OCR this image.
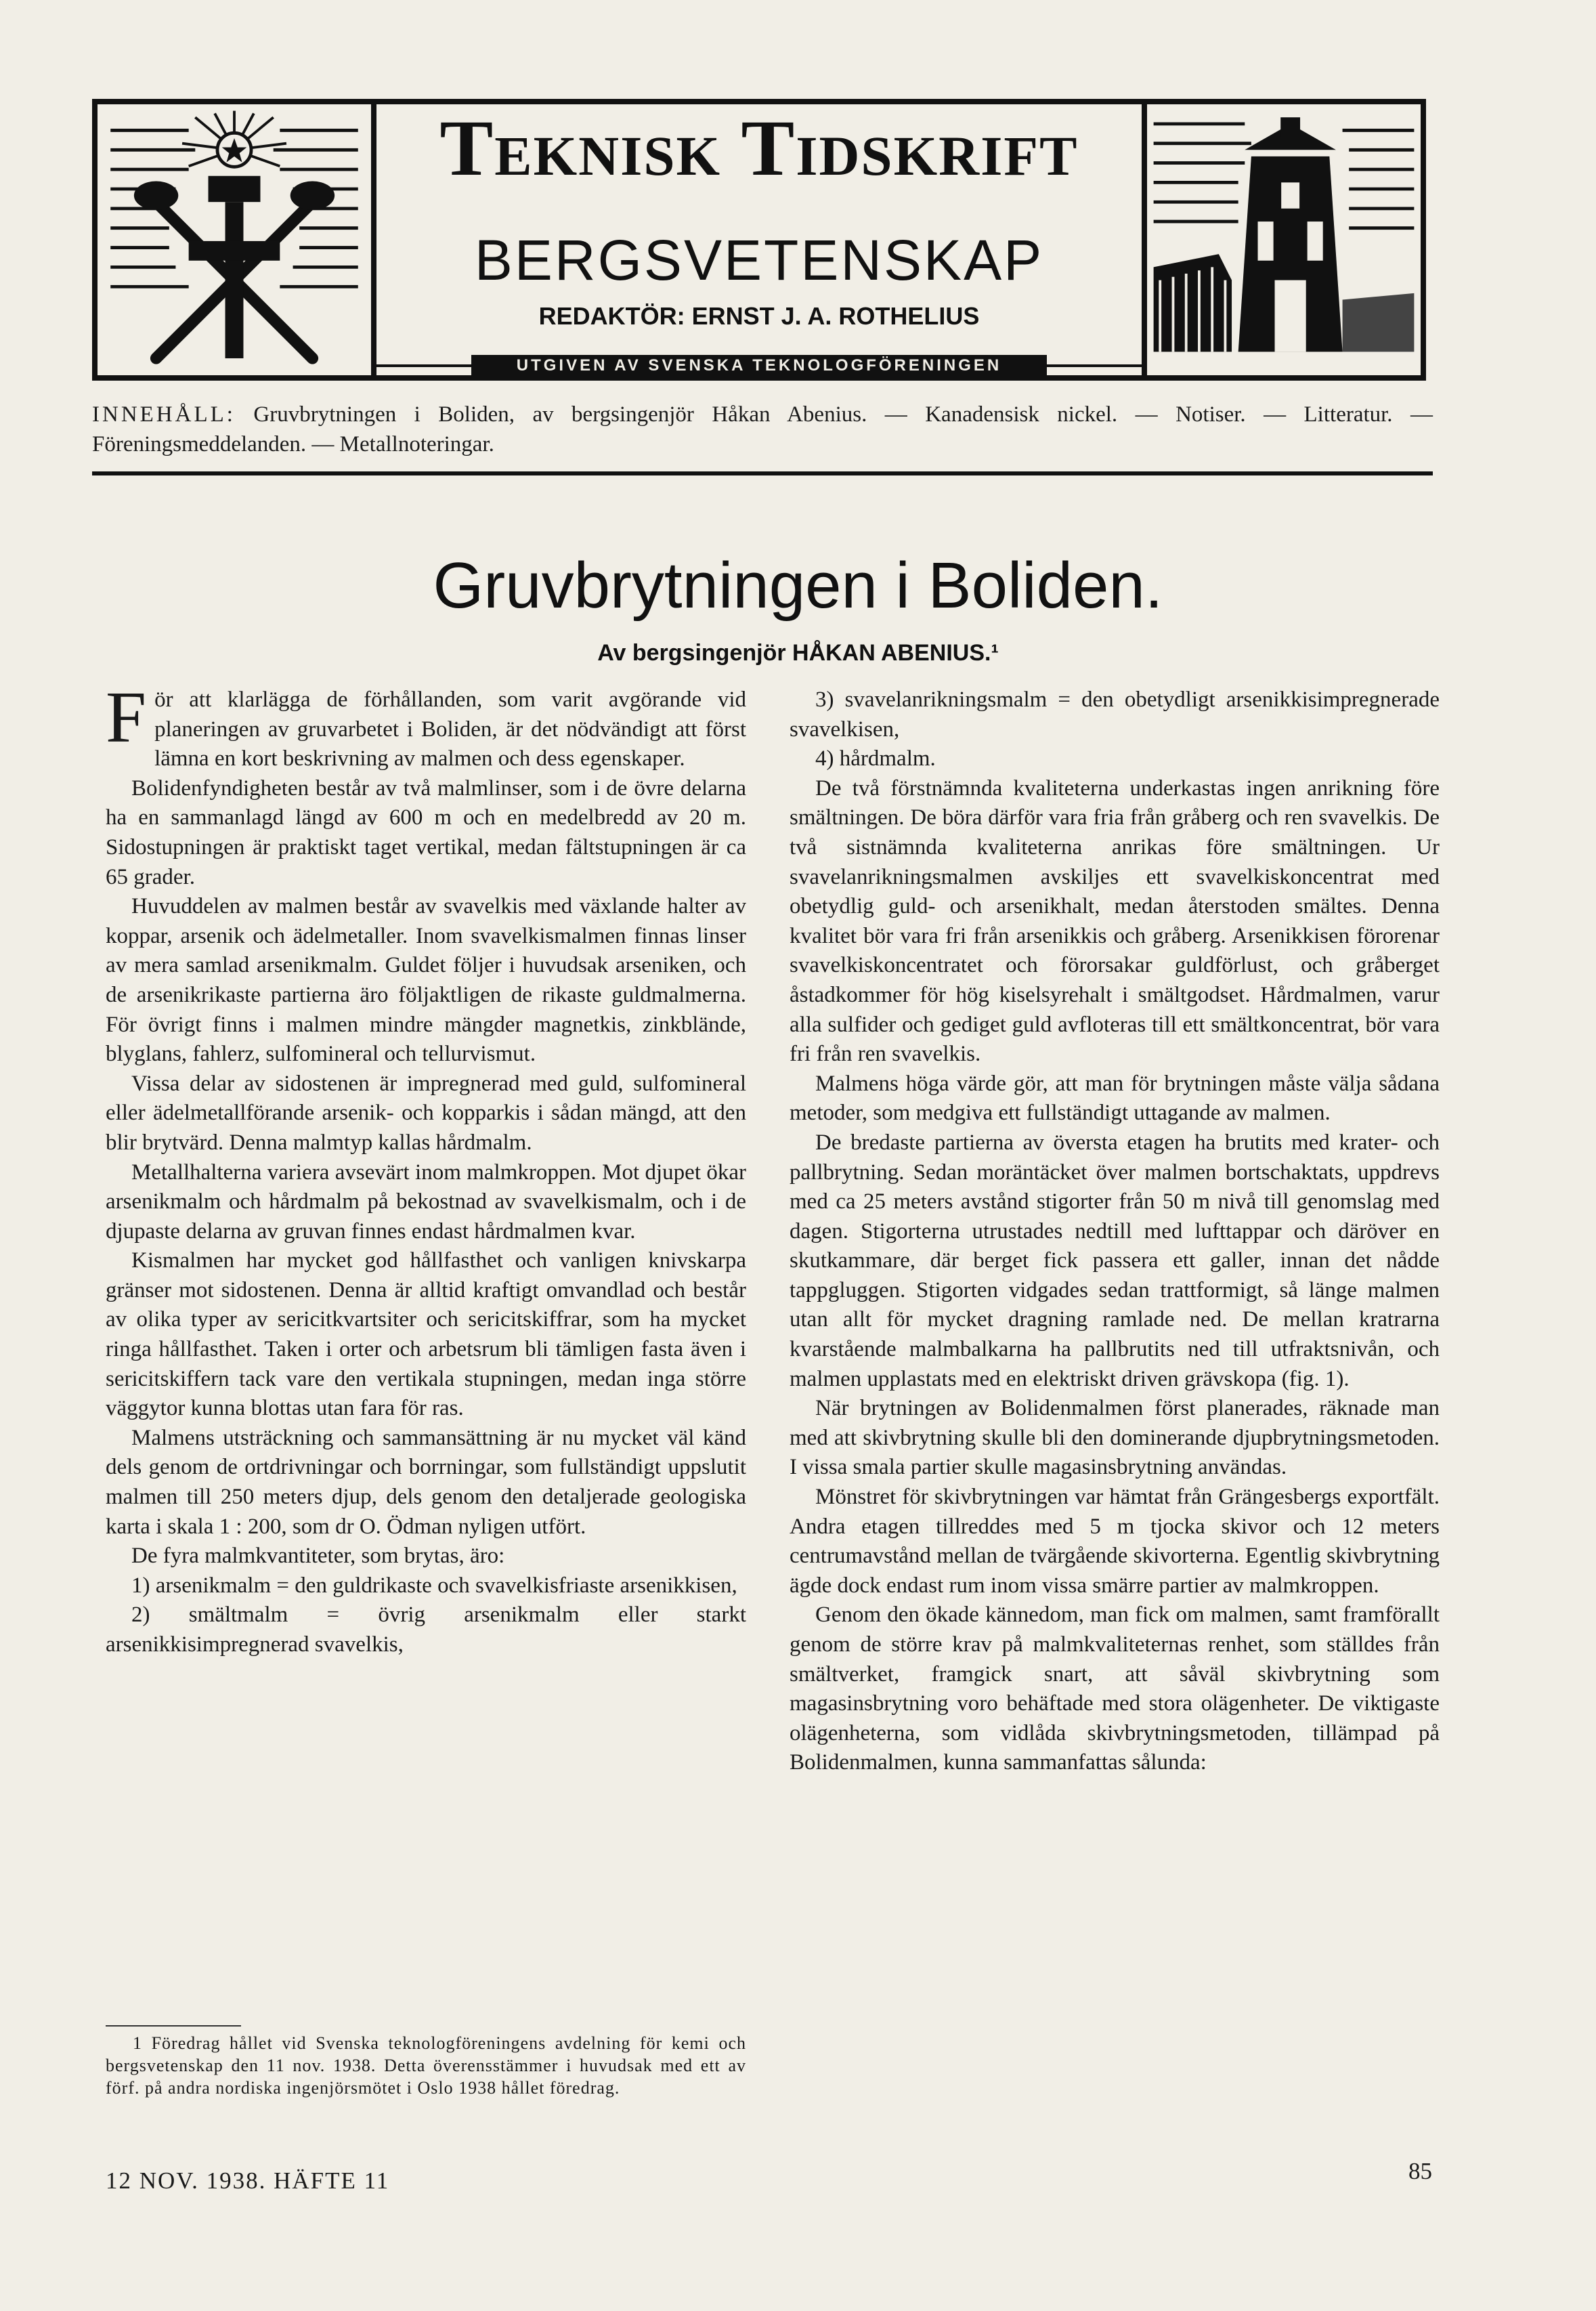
Teknisk Tidskrift
BERGSVETENSKAP
REDAKTÖR: ERNST J. A. ROTHELIUS
UTGIVEN AV SVENSKA TEKNOLOGFÖRENINGEN
INNEHÅLL: Gruvbrytningen i Boliden, av bergsingenjör Håkan Abenius. — Kanadensisk nickel. — Notiser. — Litteratur. — Föreningsmeddelanden. — Metallnoteringar.
Gruvbrytningen i Boliden.
Av bergsingenjör HÅKAN ABENIUS.¹

För att klarlägga de förhållanden, som varit avgörande vid planeringen av gruvarbetet i Boliden, är det nödvändigt att först lämna en kort beskrivning av malmen och dess egenskaper.

Bolidenfyndigheten består av två malmlinser, som i de övre delarna ha en sammanlagd längd av 600 m och en medelbredd av 20 m. Sidostupningen är praktiskt taget vertikal, medan fältstupningen är ca 65 grader.

Huvuddelen av malmen består av svavelkis med växlande halter av koppar, arsenik och ädelmetaller. Inom svavelkismalmen finnas linser av mera samlad arsenikmalm. Guldet följer i huvudsak arseniken, och de arsenikrikaste partierna äro följaktligen de rikaste guldmalmerna. För övrigt finns i malmen mindre mängder magnetkis, zinkblände, blyglans, fahlerz, sulfomineral och tellurvismut.

Vissa delar av sidostenen är impregnerad med guld, sulfomineral eller ädelmetallförande arsenik- och kopparkis i sådan mängd, att den blir brytvärd. Denna malmtyp kallas hårdmalm.

Metallhalterna variera avsevärt inom malmkroppen. Mot djupet ökar arsenikmalm och hårdmalm på bekostnad av svavelkismalm, och i de djupaste delarna av gruvan finnes endast hårdmalmen kvar.

Kismalmen har mycket god hållfasthet och vanligen knivskarpa gränser mot sidostenen. Denna är alltid kraftigt omvandlad och består av olika typer av sericitkvartsiter och sericitskiffrar, som ha mycket ringa hållfasthet. Taken i orter och arbetsrum bli tämligen fasta även i sericitskiffern tack vare den vertikala stupningen, medan inga större väggytor kunna blottas utan fara för ras.

Malmens utsträckning och sammansättning är nu mycket väl känd dels genom de ortdrivningar och borrningar, som fullständigt uppslutit malmen till 250 meters djup, dels genom den detaljerade geologiska karta i skala 1 : 200, som dr O. Ödman nyligen utfört.

De fyra malmkvantiteter, som brytas, äro:

1) arsenikmalm = den guldrikaste och svavelkisfriaste arsenikkisen,

2) smältmalm = övrig arsenikmalm eller starkt arsenikkisimpregnerad svavelkis,

1 Föredrag hållet vid Svenska teknologföreningens avdelning för kemi och bergsvetenskap den 11 nov. 1938. Detta överensstämmer i huvudsak med ett av förf. på andra nordiska ingenjörsmötet i Oslo 1938 hållet föredrag.

3) svavelanrikningsmalm = den obetydligt arsenikkisimpregnerade svavelkisen,

4) hårdmalm.

De två förstnämnda kvaliteterna underkastas ingen anrikning före smältningen. De böra därför vara fria från gråberg och ren svavelkis. De två sistnämnda kvaliteterna anrikas före smältningen. Ur svavelanrikningsmalmen avskiljes ett svavelkiskoncentrat med obetydlig guld- och arsenikhalt, medan återstoden smältes. Denna kvalitet bör vara fri från arsenikkis och gråberg. Arsenikkisen förorenar svavelkiskoncentratet och förorsakar guldförlust, och gråberget åstadkommer för hög kiselsyrehalt i smältgodset. Hårdmalmen, varur alla sulfider och gediget guld avfloteras till ett smältkoncentrat, bör vara fri från ren svavelkis.

Malmens höga värde gör, att man för brytningen måste välja sådana metoder, som medgiva ett fullständigt uttagande av malmen.

De bredaste partierna av översta etagen ha brutits med krater- och pallbrytning. Sedan moräntäcket över malmen bortschaktats, uppdrevs med ca 25 meters avstånd stigorter från 50 m nivå till genomslag med dagen. Stigorterna utrustades nedtill med lufttappar och däröver en skutkammare, där berget fick passera ett galler, innan det nådde tappgluggen. Stigorten vidgades sedan trattformigt, så länge malmen utan allt för mycket dragning ramlade ned. De mellan kratrarna kvarstående malmbalkarna ha pallbrutits ned till utfraktsnivån, och malmen upplastats med en elektriskt driven grävskopa (fig. 1).

När brytningen av Bolidenmalmen först planerades, räknade man med att skivbrytning skulle bli den dominerande djupbrytningsmetoden. I vissa smala partier skulle magasinsbrytning användas.

Mönstret för skivbrytningen var hämtat från Grängesbergs exportfält. Andra etagen tillreddes med 5 m tjocka skivor och 12 meters centrumavstånd mellan de tvärgående skivorterna. Egentlig skivbrytning ägde dock endast rum inom vissa smärre partier av malmkroppen.

Genom den ökade kännedom, man fick om malmen, samt framförallt genom de större krav på malmkvaliteternas renhet, som ställdes från smältverket, framgick snart, att såväl skivbrytning som magasinsbrytning voro behäftade med stora olägenheter. De viktigaste olägenheterna, som vidlåda skivbrytningsmetoden, tillämpad på Bolidenmalmen, kunna sammanfattas sålunda:

12 NOV. 1938. HÄFTE 11	85
